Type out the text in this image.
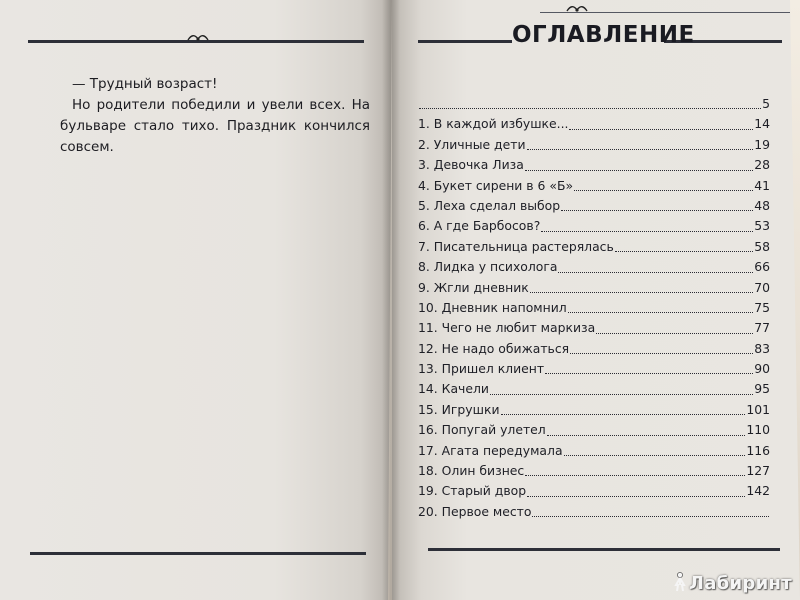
— Трудный возраст!

Но родители победили и увели всех. На бульваре стало тихо. Праздник кончился совсем.

ОГЛАВЛЕНИЕ
5
1. В каждой избушке...	14
2. Уличные дети	19
3. Девочка Лиза	28
4. Букет сирени в 6 «Б»	41
5. Леха сделал выбор	48
6. А где Барбосов?	53
7. Писательница растерялась	58
8. Лидка у психолога	66
9. Жгли дневник	70
10. Дневник напомнил	75
11. Чего не любит маркиза	77
12. Не надо обижаться	83
13. Пришел клиент	90
14. Качели	95
15. Игрушки	101
16. Попугай улетел	110
17. Агата передумала	116
18. Олин бизнес	127
19. Старый двор	142
20. Первое место
Лабиринт
